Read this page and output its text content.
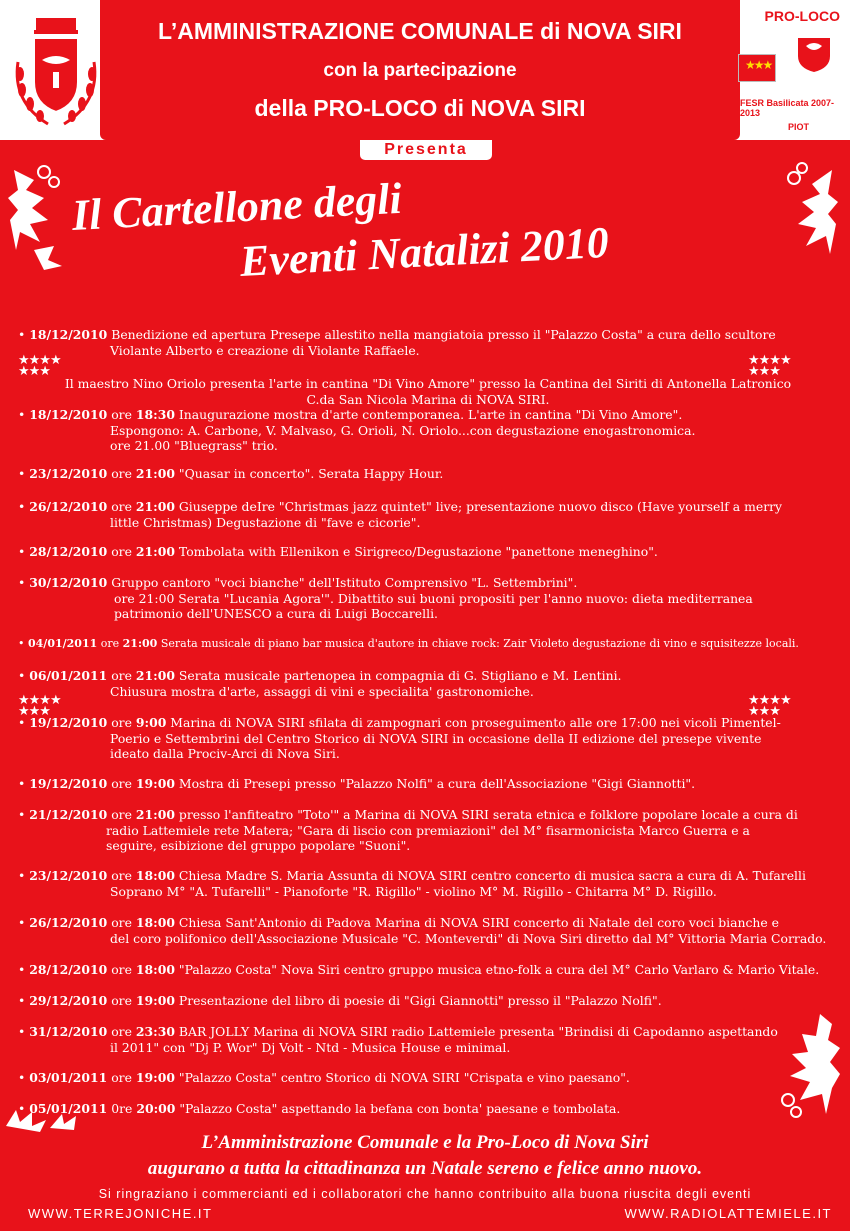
L’AMMINISTRAZIONE COMUNALE di NOVA SIRI
con la partecipazione
della PRO-LOCO di NOVA SIRI
PRO-LOCO
★★★
FESR Basilicata 2007-2013
PIOT
Presenta
Il Cartellone degli
Eventi Natalizi 2010
★★★★
★★★
★★★★
★★★
★★★★
★★★
★★★★
★★★
• 18/12/2010 Benedizione ed apertura Presepe allestito nella mangiatoia presso il "Palazzo Costa" a cura dello scultore
Violante Alberto e creazione di Violante Raffaele.
Il maestro Nino Oriolo presenta l'arte in cantina "Di Vino Amore" presso la Cantina del Siriti di Antonella Latronico
C.da San Nicola Marina di NOVA SIRI.
• 18/12/2010 ore 18:30 Inaugurazione mostra d'arte contemporanea. L'arte in cantina "Di Vino Amore".
Espongono: A. Carbone, V. Malvaso, G. Orioli, N. Oriolo...con degustazione enogastronomica.
ore 21.00 "Bluegrass" trio.
• 23/12/2010 ore 21:00 "Quasar in concerto". Serata Happy Hour.
• 26/12/2010 ore 21:00 Giuseppe deIre "Christmas jazz quintet" live; presentazione nuovo disco (Have yourself a merry
little Christmas) Degustazione di "fave e cicorie".
• 28/12/2010 ore 21:00 Tombolata with Ellenikon e Sirigreco/Degustazione "panettone meneghino".
• 30/12/2010 Gruppo cantoro "voci bianche" dell'Istituto Comprensivo "L. Settembrini".
ore 21:00 Serata "Lucania Agora'". Dibattito sui buoni propositi per l'anno nuovo: dieta mediterranea
patrimonio dell'UNESCO a cura di Luigi Boccarelli.
• 04/01/2011 ore 21:00 Serata musicale di piano bar musica d'autore in chiave rock: Zair Violeto degustazione di vino e squisitezze locali.
• 06/01/2011 ore 21:00 Serata musicale partenopea in compagnia di G. Stigliano e M. Lentini.
Chiusura mostra d'arte, assaggi di vini e specialita' gastronomiche.
• 19/12/2010 ore 9:00 Marina di NOVA SIRI sfilata di zampognari con proseguimento alle ore 17:00 nei vicoli Pimentel-
Poerio e Settembrini del Centro Storico di NOVA SIRI in occasione della II edizione del presepe vivente
ideato dalla Prociv-Arci di Nova Siri.
• 19/12/2010 ore 19:00 Mostra di Presepi presso "Palazzo Nolfi" a cura dell'Associazione "Gigi Giannotti".
• 21/12/2010 ore 21:00 presso l'anfiteatro "Toto'" a Marina di NOVA SIRI serata etnica e folklore popolare locale a cura di
radio Lattemiele rete Matera; "Gara di liscio con premiazioni" del M° fisarmonicista Marco Guerra e a
seguire, esibizione del gruppo popolare "Suoni".
• 23/12/2010 ore 18:00 Chiesa Madre S. Maria Assunta di NOVA SIRI centro concerto di musica sacra a cura di A. Tufarelli
Soprano M° "A. Tufarelli" - Pianoforte "R. Rigillo" - violino M° M. Rigillo - Chitarra M° D. Rigillo.
• 26/12/2010 ore 18:00 Chiesa Sant'Antonio di Padova Marina di NOVA SIRI concerto di Natale del coro voci bianche e
del coro polifonico dell'Associazione Musicale "C. Monteverdi" di Nova Siri diretto dal M° Vittoria Maria Corrado.
• 28/12/2010 ore 18:00 "Palazzo Costa" Nova Siri centro gruppo musica etno-folk a cura del M° Carlo Varlaro & Mario Vitale.
• 29/12/2010 ore 19:00 Presentazione del libro di poesie di "Gigi Giannotti" presso il "Palazzo Nolfi".
• 31/12/2010 ore 23:30 BAR JOLLY Marina di NOVA SIRI radio Lattemiele presenta "Brindisi di Capodanno aspettando
il 2011" con "Dj P. Wor" Dj Volt - Ntd - Musica House e minimal.
• 03/01/2011 ore 19:00 "Palazzo Costa" centro Storico di NOVA SIRI "Crispata e vino paesano".
• 05/01/2011 0re 20:00 "Palazzo Costa" aspettando la befana con bonta' paesane e tombolata.
L’Amministrazione Comunale e la Pro-Loco di Nova Siri
augurano a tutta la cittadinanza un Natale sereno e felice anno nuovo.
Si ringraziano i commercianti ed i collaboratori che hanno contribuito alla buona riuscita degli eventi
WWW.TERREJONICHE.IT	WWW.RADIOLATTEMIELE.IT
